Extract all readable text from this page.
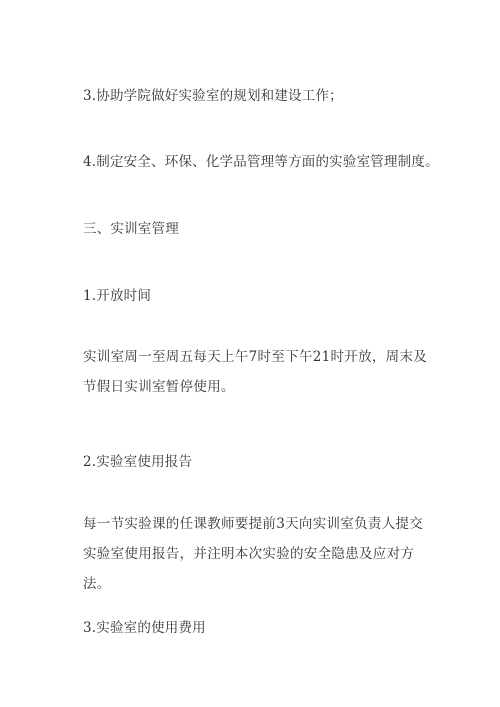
3.协助学院做好实验室的规划和建设工作；
4.制定安全、环保、化学品管理等方面的实验室管理制度。
三、实训室管理
1.开放时间
实训室周一至周五每天上午7时至下午21时开放，周末及节假日实训室暂停使用。
2.实验室使用报告
每一节实验课的任课教师要提前3天向实训室负责人提交实验室使用报告，并注明本次实验的安全隐患及应对方法。
3.实验室的使用费用
